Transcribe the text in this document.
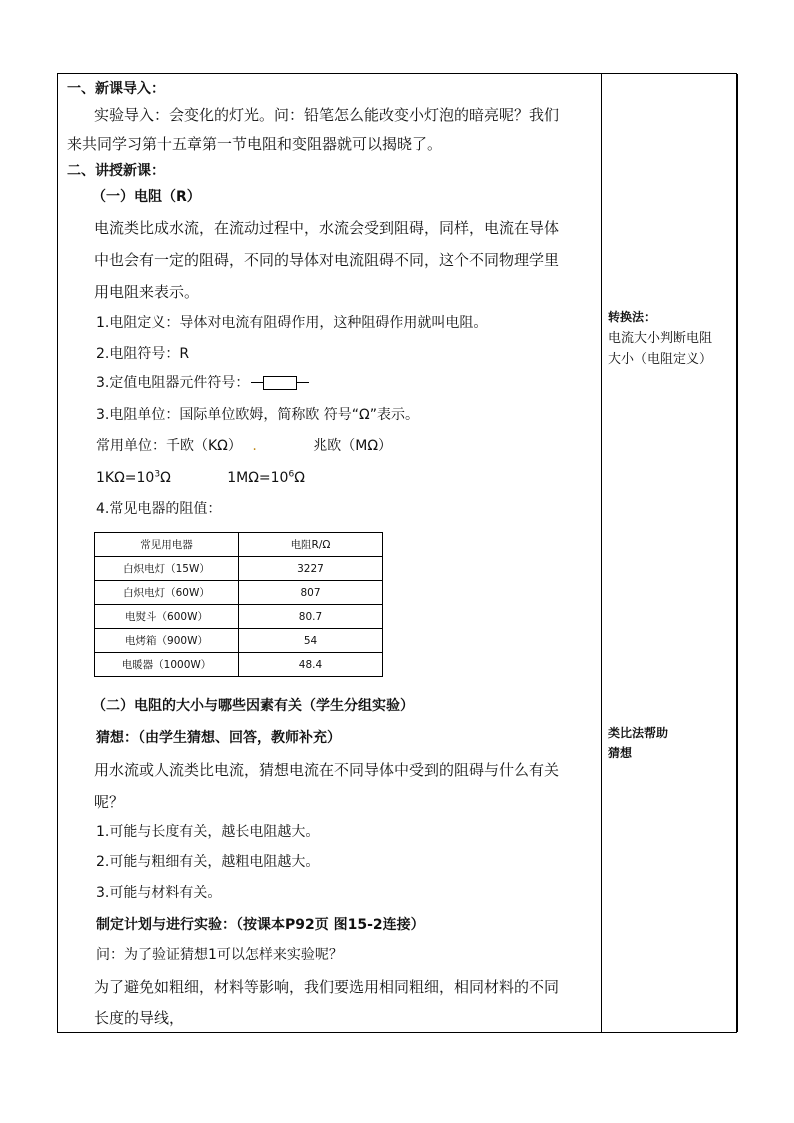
一、新课导入：
实验导入：会变化的灯光。问：铅笔怎么能改变小灯泡的暗亮呢？我们
来共同学习第十五章第一节电阻和变阻器就可以揭晓了。
二、讲授新课：
（一）电阻（R）
电流类比成水流，在流动过程中，水流会受到阻碍，同样，电流在导体
中也会有一定的阻碍，不同的导体对电流阻碍不同，这个不同物理学里
用电阻来表示。
1.电阻定义：导体对电流有阻碍作用，这种阻碍作用就叫电阻。
2.电阻符号：R
3.定值电阻器元件符号：
3.电阻单位：国际单位欧姆，简称欧 符号“Ω”表示。
常用单位：千欧（KΩ） .	兆欧（MΩ）
$1K\Omega=10^3\Omega$	$1M\Omega=10^6\Omega$
4.常见电器的阻值：
常见用电器	电阻R/Ω
白炽电灯（15W）	3227
白炽电灯（60W）	807
电熨斗（600W）	80.7
电烤箱（900W）	54
电暖器（1000W）	48.4
（二）电阻的大小与哪些因素有关（学生分组实验）
猜想：（由学生猜想、回答，教师补充）
用水流或人流类比电流，猜想电流在不同导体中受到的阻碍与什么有关
呢？
1.可能与长度有关，越长电阻越大。
2.可能与粗细有关，越粗电阻越大。
3.可能与材料有关。
制定计划与进行实验：（按课本P92页 图15-2连接）
问：为了验证猜想1可以怎样来实验呢？
为了避免如粗细，材料等影响，我们要选用相同粗细，相同材料的不同
长度的导线，
转换法：
电流大小判断电阻
大小（电阻定义）
类比法帮助
猜想
